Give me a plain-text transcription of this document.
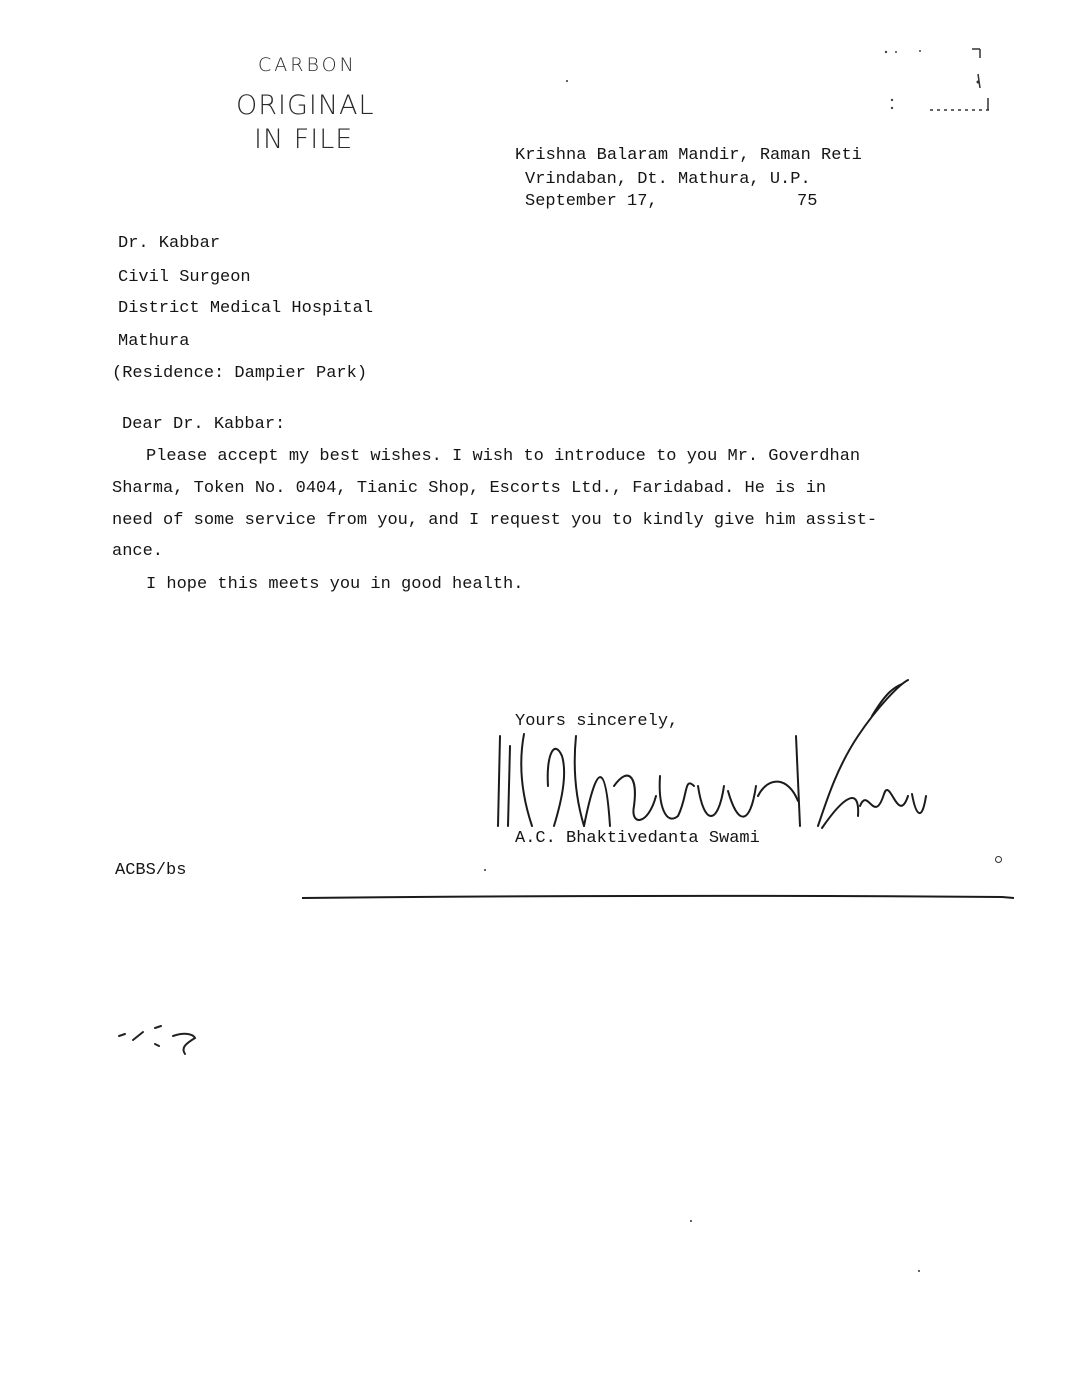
CARBON
ORIGINAL
IN FILE
Krishna Balaram Mandir, Raman Reti
Vrindaban, Dt. Mathura, U.P.
September 17,	75
Dr. Kabbar
Civil Surgeon
District Medical Hospital
Mathura
(Residence: Dampier Park)
Dear Dr. Kabbar:
Please accept my best wishes. I wish to introduce to you Mr. Goverdhan
Sharma, Token No. 0404, Tianic Shop, Escorts Ltd., Faridabad. He is in
need of some service from you, and I request you to kindly give him assist-
ance.
I hope this meets you in good health.
Yours sincerely,
A.C. Bhaktivedanta Swami
ACBS/bs
